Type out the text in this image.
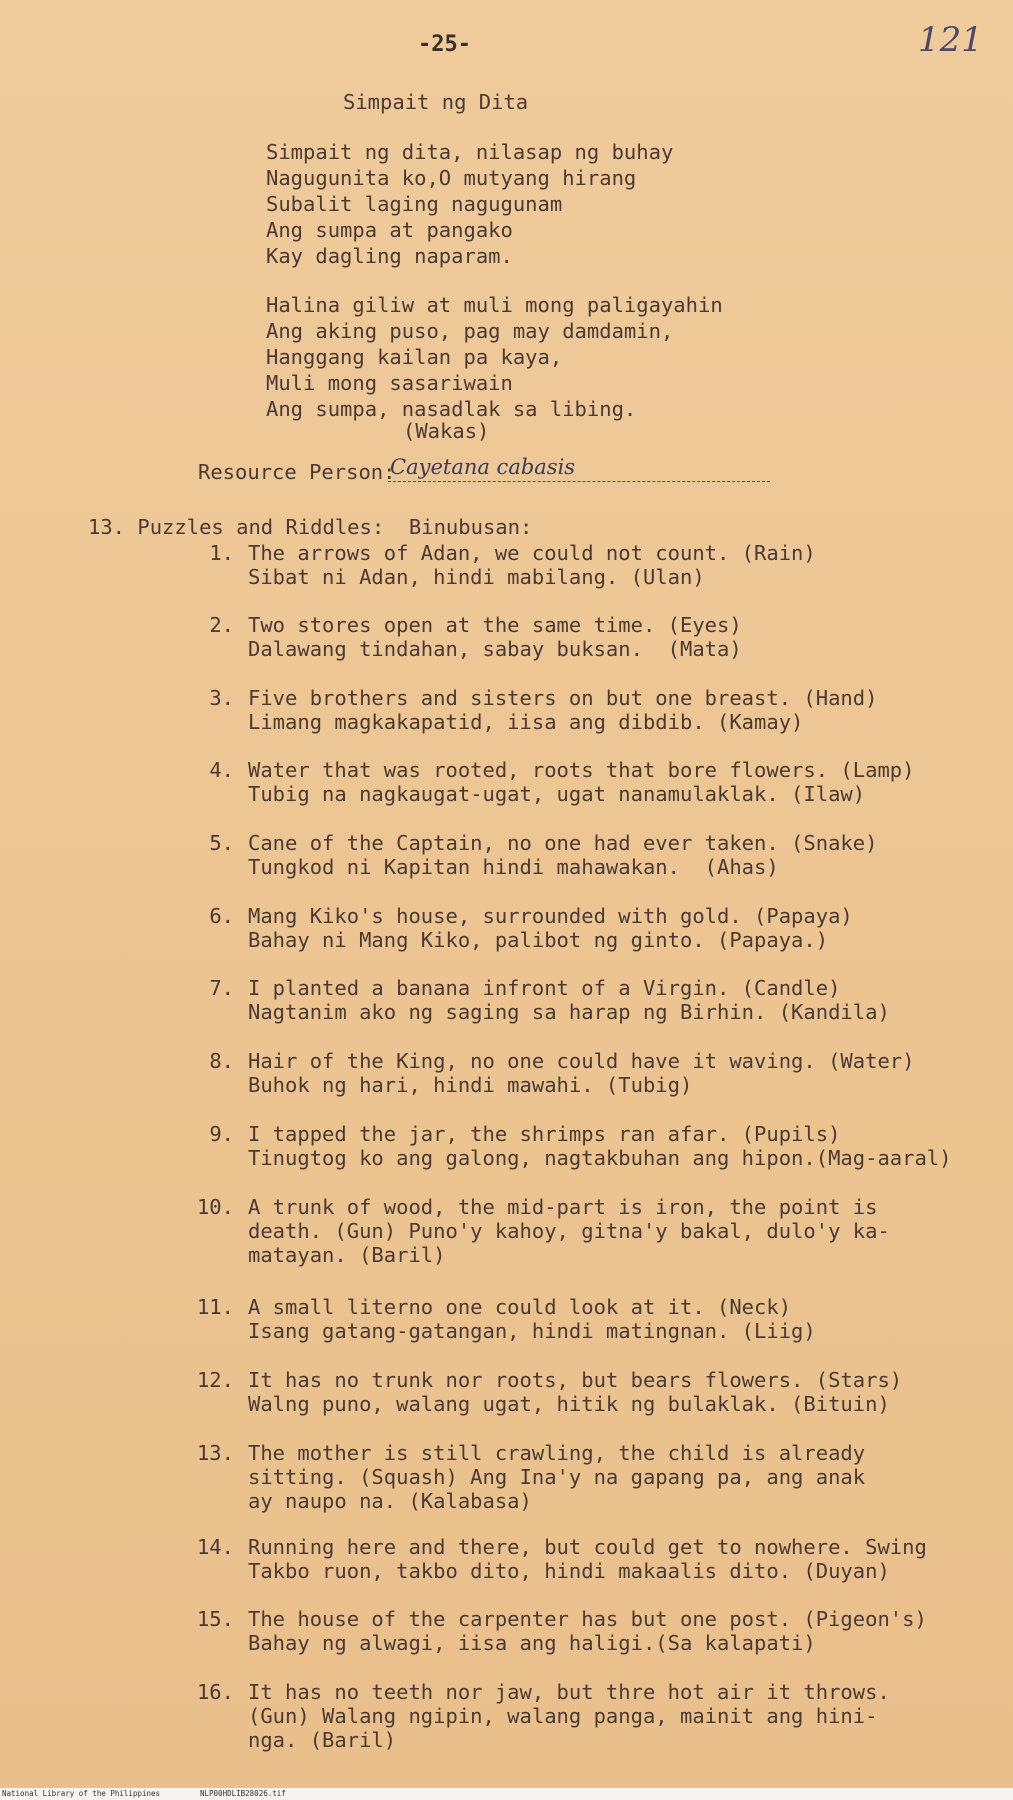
-25-	121
Simpait ng Dita
Simpait ng dita, nilasap ng buhay
Nagugunita ko,O mutyang hirang
Subalit laging nagugunam
Ang sumpa at pangako
Kay dagling naparam.
Halina giliw at muli mong paligayahin
Ang aking puso, pag may damdamin,
Hanggang kailan pa kaya,
Muli mong sasariwain
Ang sumpa, nasadlak sa libing.
(Wakas)
Resource Person:
Cayetana cabasis
13. Puzzles and Riddles:  Binubusan:
1. The arrows of Adan, we could not count. (Rain)
Sibat ni Adan, hindi mabilang. (Ulan)
2. Two stores open at the same time. (Eyes)
Dalawang tindahan, sabay buksan.  (Mata)
3. Five brothers and sisters on but one breast. (Hand)
Limang magkakapatid, iisa ang dibdib. (Kamay)
4. Water that was rooted, roots that bore flowers. (Lamp)
Tubig na nagkaugat-ugat, ugat nanamulaklak. (Ilaw)
5. Cane of the Captain, no one had ever taken. (Snake)
Tungkod ni Kapitan hindi mahawakan.  (Ahas)
6. Mang Kiko's house, surrounded with gold. (Papaya)
Bahay ni Mang Kiko, palibot ng ginto. (Papaya.)
7. I planted a banana infront of a Virgin. (Candle)
Nagtanim ako ng saging sa harap ng Birhin. (Kandila)
8. Hair of the King, no one could have it waving. (Water)
Buhok ng hari, hindi mawahi. (Tubig)
9. I tapped the jar, the shrimps ran afar. (Pupils)
Tinugtog ko ang galong, nagtakbuhan ang hipon.(Mag-aaral)
10. A trunk of wood, the mid-part is iron, the point is
death. (Gun) Puno'y kahoy, gitna'y bakal, dulo'y ka-
matayan. (Baril)
11. A small literno one could look at it. (Neck)
Isang gatang-gatangan, hindi matingnan. (Liig)
12. It has no trunk nor roots, but bears flowers. (Stars)
Walng puno, walang ugat, hitik ng bulaklak. (Bituin)
13. The mother is still crawling, the child is already
sitting. (Squash) Ang Ina'y na gapang pa, ang anak
ay naupo na. (Kalabasa)
14. Running here and there, but could get to nowhere. Swing
Takbo ruon, takbo dito, hindi makaalis dito. (Duyan)
15. The house of the carpenter has but one post. (Pigeon's)
Bahay ng alwagi, iisa ang haligi.(Sa kalapati)
16. It has no teeth nor jaw, but thre hot air it throws.
(Gun) Walang ngipin, walang panga, mainit ang hini-
nga. (Baril)
National Library of the Philippines	NLP00HDLIB28026.tif
